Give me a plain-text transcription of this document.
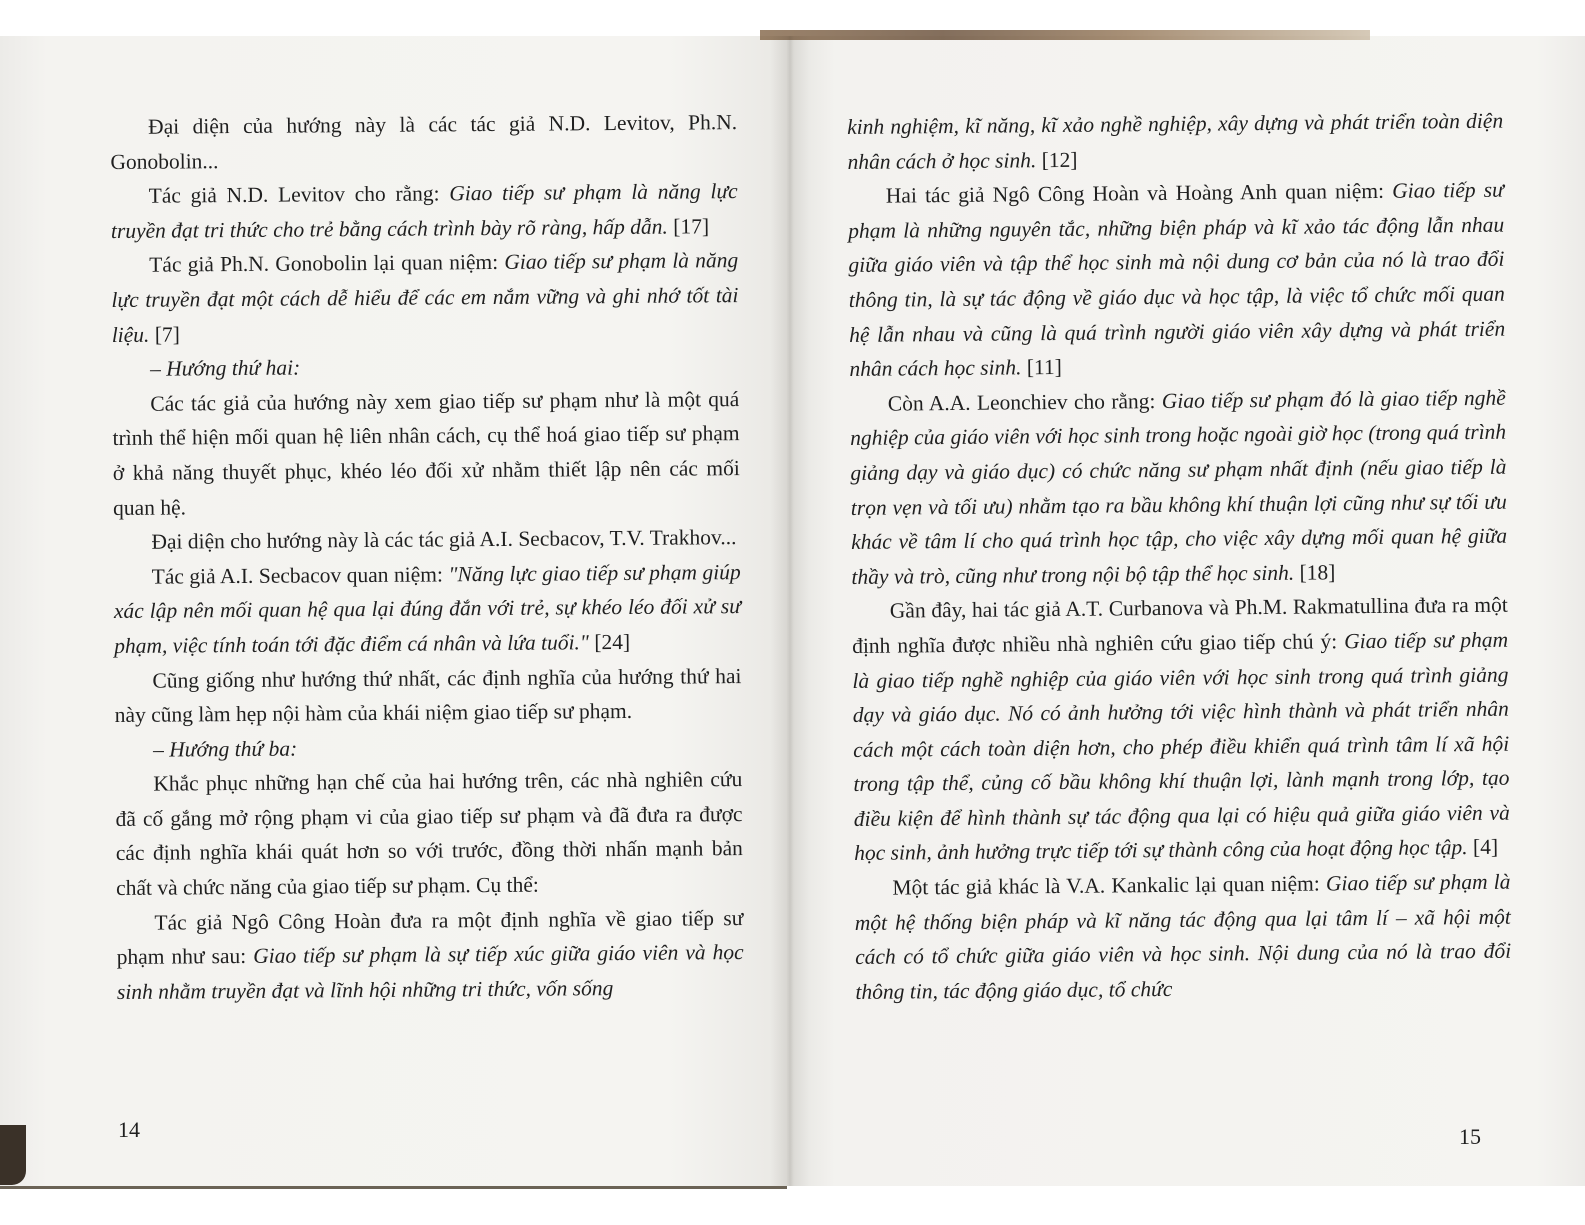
Đại diện của hướng này là các tác giả N.D. Levitov, Ph.N. Gonobolin...

Tác giả N.D. Levitov cho rằng: Giao tiếp sư phạm là năng lực truyền đạt tri thức cho trẻ bằng cách trình bày rõ ràng, hấp dẫn. [17]

Tác giả Ph.N. Gonobolin lại quan niệm: Giao tiếp sư phạm là năng lực truyền đạt một cách dễ hiểu để các em nắm vững và ghi nhớ tốt tài liệu. [7]

– Hướng thứ hai:

Các tác giả của hướng này xem giao tiếp sư phạm như là một quá trình thể hiện mối quan hệ liên nhân cách, cụ thể hoá giao tiếp sư phạm ở khả năng thuyết phục, khéo léo đối xử nhằm thiết lập nên các mối quan hệ.

Đại diện cho hướng này là các tác giả A.I. Secbacov, T.V. Trakhov...

Tác giả A.I. Secbacov quan niệm: "Năng lực giao tiếp sư phạm giúp xác lập nên mối quan hệ qua lại đúng đắn với trẻ, sự khéo léo đối xử sư phạm, việc tính toán tới đặc điểm cá nhân và lứa tuổi." [24]

Cũng giống như hướng thứ nhất, các định nghĩa của hướng thứ hai này cũng làm hẹp nội hàm của khái niệm giao tiếp sư phạm.

– Hướng thứ ba:

Khắc phục những hạn chế của hai hướng trên, các nhà nghiên cứu đã cố gắng mở rộng phạm vi của giao tiếp sư phạm và đã đưa ra được các định nghĩa khái quát hơn so với trước, đồng thời nhấn mạnh bản chất và chức năng của giao tiếp sư phạm. Cụ thể:

Tác giả Ngô Công Hoàn đưa ra một định nghĩa về giao tiếp sư phạm như sau: Giao tiếp sư phạm là sự tiếp xúc giữa giáo viên và học sinh nhằm truyền đạt và lĩnh hội những tri thức, vốn sống

14

kinh nghiệm, kĩ năng, kĩ xảo nghề nghiệp, xây dựng và phát triển toàn diện nhân cách ở học sinh. [12]

Hai tác giả Ngô Công Hoàn và Hoàng Anh quan niệm: Giao tiếp sư phạm là những nguyên tắc, những biện pháp và kĩ xảo tác động lẫn nhau giữa giáo viên và tập thể học sinh mà nội dung cơ bản của nó là trao đổi thông tin, là sự tác động về giáo dục và học tập, là việc tổ chức mối quan hệ lẫn nhau và cũng là quá trình người giáo viên xây dựng và phát triển nhân cách học sinh. [11]

Còn A.A. Leonchiev cho rằng: Giao tiếp sư phạm đó là giao tiếp nghề nghiệp của giáo viên với học sinh trong hoặc ngoài giờ học (trong quá trình giảng dạy và giáo dục) có chức năng sư phạm nhất định (nếu giao tiếp là trọn vẹn và tối ưu) nhằm tạo ra bầu không khí thuận lợi cũng như sự tối ưu khác về tâm lí cho quá trình học tập, cho việc xây dựng mối quan hệ giữa thầy và trò, cũng như trong nội bộ tập thể học sinh. [18]

Gần đây, hai tác giả A.T. Curbanova và Ph.M. Rakmatullina đưa ra một định nghĩa được nhiều nhà nghiên cứu giao tiếp chú ý: Giao tiếp sư phạm là giao tiếp nghề nghiệp của giáo viên với học sinh trong quá trình giảng dạy và giáo dục. Nó có ảnh hưởng tới việc hình thành và phát triển nhân cách một cách toàn diện hơn, cho phép điều khiển quá trình tâm lí xã hội trong tập thể, củng cố bầu không khí thuận lợi, lành mạnh trong lớp, tạo điều kiện để hình thành sự tác động qua lại có hiệu quả giữa giáo viên và học sinh, ảnh hưởng trực tiếp tới sự thành công của hoạt động học tập. [4]

Một tác giả khác là V.A. Kankalic lại quan niệm: Giao tiếp sư phạm là một hệ thống biện pháp và kĩ năng tác động qua lại tâm lí – xã hội một cách có tổ chức giữa giáo viên và học sinh. Nội dung của nó là trao đổi thông tin, tác động giáo dục, tổ chức

15
